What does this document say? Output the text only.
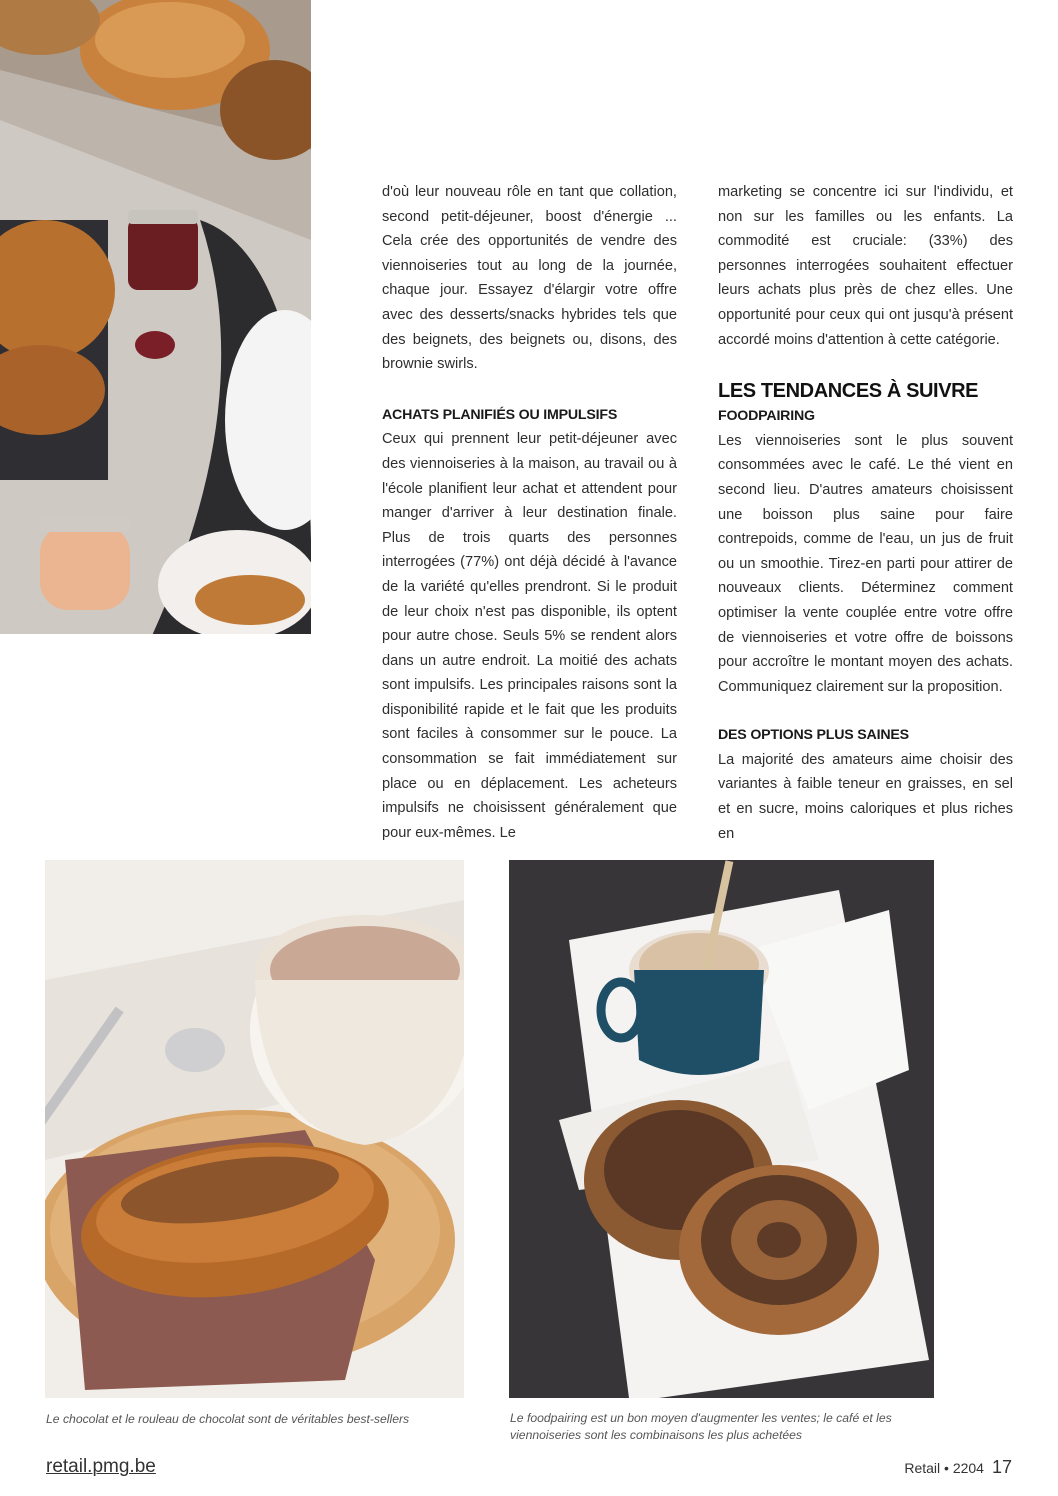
d'où leur nouveau rôle en tant que collation, second petit-déjeuner, boost d'énergie ... Cela crée des opportunités de vendre des viennoiseries tout au long de la journée, chaque jour. Essayez d'élargir votre offre avec des desserts/snacks hybrides tels que des beignets, des beignets ou, disons, des brownie swirls.

ACHATS PLANIFIÉS OU IMPULSIFS

Ceux qui prennent leur petit-déjeuner avec des viennoiseries à la maison, au travail ou à l'école planifient leur achat et attendent pour manger d'arriver à leur destination finale. Plus de trois quarts des personnes interrogées (77%) ont déjà décidé à l'avance de la variété qu'elles prendront. Si le produit de leur choix n'est pas disponible, ils optent pour autre chose. Seuls 5% se rendent alors dans un autre endroit. La moitié des achats sont impulsifs. Les principales raisons sont la disponibilité rapide et le fait que les produits sont faciles à consommer sur le pouce. La consommation se fait immédiatement sur place ou en déplacement. Les acheteurs impulsifs ne choisissent généralement que pour eux-mêmes. Le

marketing se concentre ici sur l'individu, et non sur les familles ou les enfants. La commodité est cruciale: (33%) des personnes interrogées souhaitent effectuer leurs achats plus près de chez elles. Une opportunité pour ceux qui ont jusqu'à présent accordé moins d'attention à cette catégorie.

LES TENDANCES À SUIVRE
FOODPAIRING

Les viennoiseries sont le plus souvent consommées avec le café. Le thé vient en second lieu. D'autres amateurs choisissent une boisson plus saine pour faire contrepoids, comme de l'eau, un jus de fruit ou un smoothie. Tirez-en parti pour attirer de nouveaux clients. Déterminez comment optimiser la vente couplée entre votre offre de viennoiseries et votre offre de boissons pour accroître le montant moyen des achats. Communiquez clairement sur la proposition.

DES OPTIONS PLUS SAINES

La majorité des amateurs aime choisir des variantes à faible teneur en graisses, en sel et en sucre, moins caloriques et plus riches en

Le chocolat et le rouleau de chocolat sont de véritables best-sellers	Le foodpairing est un bon moyen d'augmenter les ventes; le café et les viennoiseries sont les combinaisons les plus achetées
retail.pmg.be	Retail • 2204 17
